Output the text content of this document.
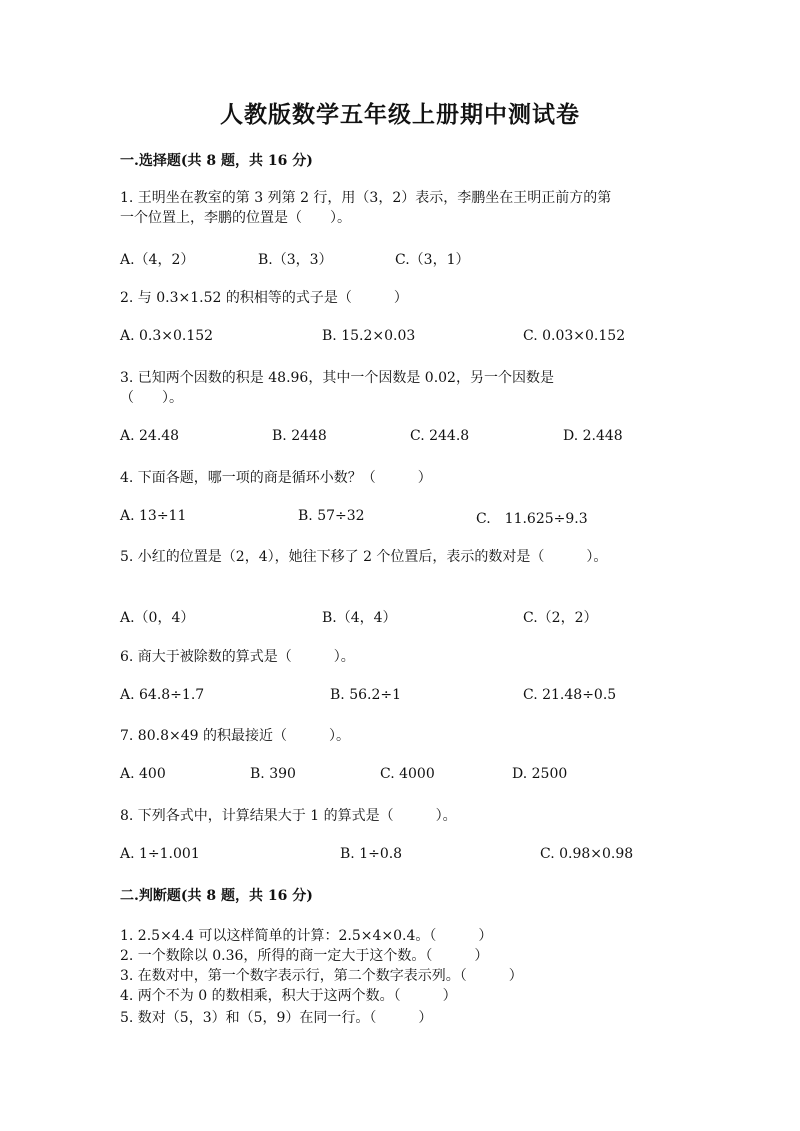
人教版数学五年级上册期中测试卷
一.选择题(共 8 题，共 16 分)
1. 王明坐在教室的第 3 列第 2 行，用（3，2）表示，李鹏坐在王明正前方的第
一个位置上，李鹏的位置是（　　）。
A.（4，2）	B.（3，3）	C.（3，1）
2. 与 0.3×1.52 的积相等的式子是（　　　）
A. 0.3×0.152	B. 15.2×0.03	C. 0.03×0.152
3. 已知两个因数的积是 48.96，其中一个因数是 0.02，另一个因数是
（　　）。
A. 24.48	B. 2448	C. 244.8	D. 2.448
4. 下面各题，哪一项的商是循环小数？（　　　）
A. 13÷11	B. 57÷32	C.　11.625÷9.3
5. 小红的位置是（2，4），她往下移了 2 个位置后，表示的数对是（　　　）。
A.（0，4）	B.（4，4）	C.（2，2）
6. 商大于被除数的算式是（　　　）。
A. 64.8÷1.7	B. 56.2÷1	C. 21.48÷0.5
7. 80.8×49 的积最接近（　　　）。
A. 400	B. 390	C. 4000	D. 2500
8. 下列各式中，计算结果大于 1 的算式是（　　　）。
A. 1÷1.001	B. 1÷0.8	C. 0.98×0.98
二.判断题(共 8 题，共 16 分)
1. 2.5×4.4 可以这样简单的计算：2.5×4×0.4。（　　　）
2. 一个数除以 0.36，所得的商一定大于这个数。（　　　）
3. 在数对中，第一个数字表示行，第二个数字表示列。（　　　）
4. 两个不为 0 的数相乘，积大于这两个数。（　　　）
5. 数对（5，3）和（5，9）在同一行。（　　　）
